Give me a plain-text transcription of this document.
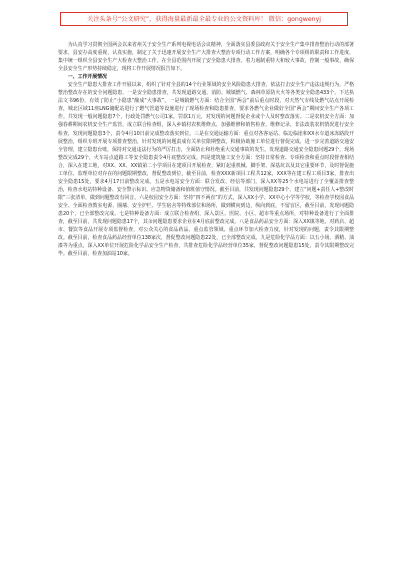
关注头条号“公文研究”，获得海量最新最全最专业的公文资料库！ 微信：gongwenyj

为认真学习贯彻全国两会以来省州关于安全生产系列电视电话会议精神，全面落实县委县政府关于安全生产集中排查整治行动的部署要求，县安办高度重视，认真实施，制定了关于迅速开展安全生产大排查大整治专项行动工作方案，明确各个专项组的职责和工作进度，集中统一组织全县安全生产大检查大整治工作。在全县范围内开展了安全隐患大排查，着力遏制重特大和较大事故，控制一般事故，确保全县安全生产形势持续稳定，现将工作开展情况报告如下。

一、工作开展情况

安全生产隐患大排查工作开展以来，组织了针对全县的14个行业领域的安全风险隐患大排查，依法打击安全生产违法违规行为，严格整治整改存在的安全问题隐患，一是安全隐患排查，共发现道路交通、消防、城镇燃气、森林草原防火火等各类安全隐患433个，下达执法文书96份，有效了防止“小隐患”酿成“大事故”。一是城镇燃气方面：结合全国“两会”前后重点时段，对天然气专线及燃气站点开展检查，城北区域11座LNG储配站进行了燃气管道等设施进行了现场检查和隐患排查，要求各燃气企业做好全国“两会”期间安全生产各项工作。共发现一般问题隐患7个，行政处罚燃气公司1家，罚款1万元，对发现的问题督促企业或个人及时整改落实。二是农机安全方面：加强春耕期间农机安全生产监管，成立联合检查组，深入乡镇村农机维修点、加强维修和销售检查，维修记录，非法改装农机情况进行安全检查，发现问题隐患3个，责令4月10日前完成整改落实到位。三是在交通运输方面：重点对各客运站、临边临崖和XX水车道冰冻路段开展整治，组织专班开展专项排查整治，针对发现的问题责成有关单位限期整改，积极协助施工单位进行督促完成，进一步完善道路交通安全管理，建立隐患台账，保持对交通违法行为的严厉打击，全面防止和杜绝重大交通事故的发生。发现道路交通安全隐患问题29个，现场整改完成29个，火车站点道路工等安全隐患责令4月底整改完成。四是建筑施工安全方面：坚持日常检查、专项检查和重点时段督查相结合，深入在建工地，对XX、XX、XX镇第二小学项目在建项目开展检查，紧盯起重机械、脚手架、深基坑以及其它重要环节，及时督促施工单位、监理单位对存在的问题限期整改，督促整改到位，截至目前，检查XXX新项目工程共12家，XXX等在建工程工项目3家，排查出安全隐患15处，要求4月17日前整改完成。五是水电站安全方面：联合发改、经信等部门，深入XX等25个水电站进行了全覆盖排查整治，检查水电站特种设备、安全警示标识、应急物资储备和值班值守情况。截至目前，共发现问题隐患29个，建立“问题+责任人+整改时限”三张清单，做到问题整改有回音。六是校园安全方面：坚持“四不两直”的方式，深入XX小学、XX中心小学等学校，等检查学校园食品安全、全面检查教室电源、圈墙、安全护栏、学生宿舍等特殊部位和场所，做到横向到边，纵向到底，不留盲区，截至目前，发现问题隐患20个，已全部整改完成。七是特种设备方面：成立联合检查组，深入景区、医院、小区、超市等重点场所，对特种设备进行了全面排查，截至目前，共发现问题隐患17个，其余问题隐患要求企业在4月底前整改完成。八是食品药品安全方面：深入XX镇等地，对药店、超市、餐饮等食品开展专项监督检查，对公众关心的食品药品、重点监管领域、重点环节加大检查力度，针对发现的问题，责令其限期整改。截至目前，检查食品药品经营单位138家次，督促整改问题隐患22处，已全部整改完成。九是危险化学品方面：以五小场、酒精、油漆等为重点，深入XX单位开展危险化学品安全生产检查，共排查危险化学品经营单位35家，督促整改问题隐患15处，责令其限期整改完毕。截至目前，检查加油站10家。
